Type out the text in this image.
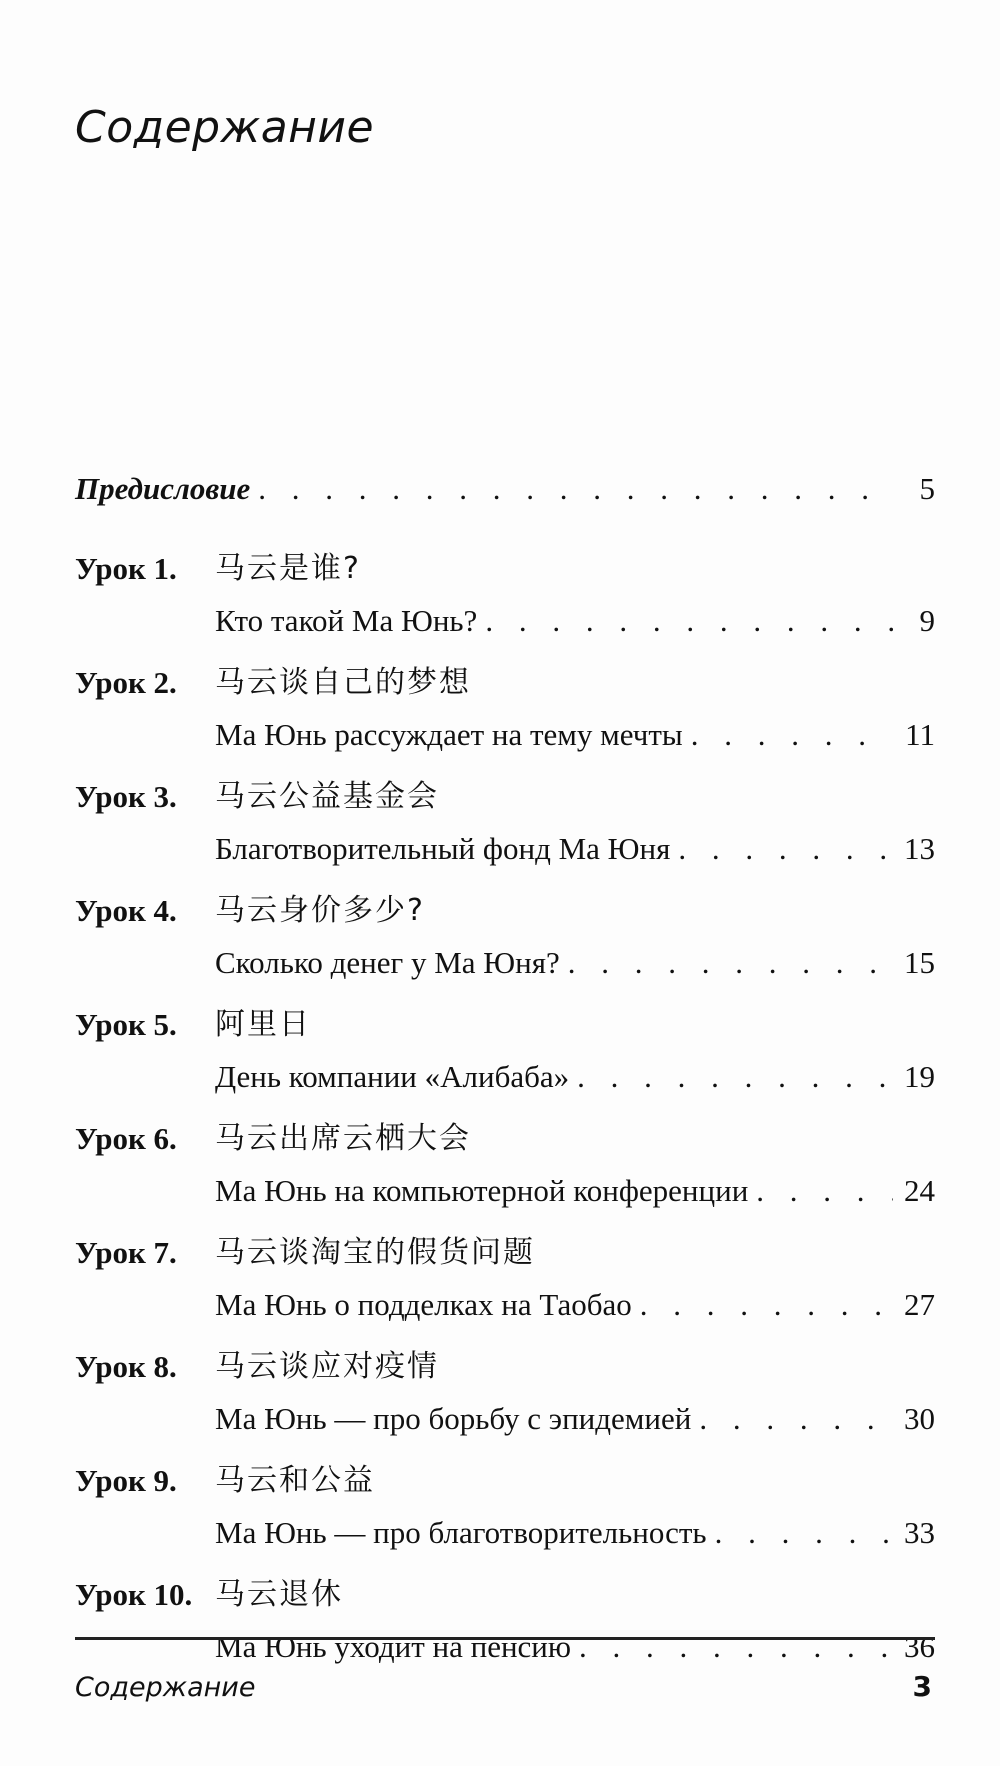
Содержание
Предисловие . . .	5
Урок 1.	马云是谁?
Кто такой Ма Юнь? . . .	9
Урок 2.	马云谈自己的梦想
Ма Юнь рассуждает на тему мечты . . .	11
Урок 3.	马云公益基金会
Благотворительный фонд Ма Юня . . .	13
Урок 4.	马云身价多少?
Сколько денег у Ма Юня? . . .	15
Урок 5.	阿里日
День компании «Алибаба» . . .	19
Урок 6.	马云出席云栖大会
Ма Юнь на компьютерной конференции . . .	24
Урок 7.	马云谈淘宝的假货问题
Ма Юнь о подделках на Таобао . . .	27
Урок 8.	马云谈应对疫情
Ма Юнь — про борьбу с эпидемией . . .	30
Урок 9.	马云和公益
Ма Юнь — про благотворительность . . .	33
Урок 10. 马云退休
Ма Юнь уходит на пенсию . . .	36
Содержание	3
